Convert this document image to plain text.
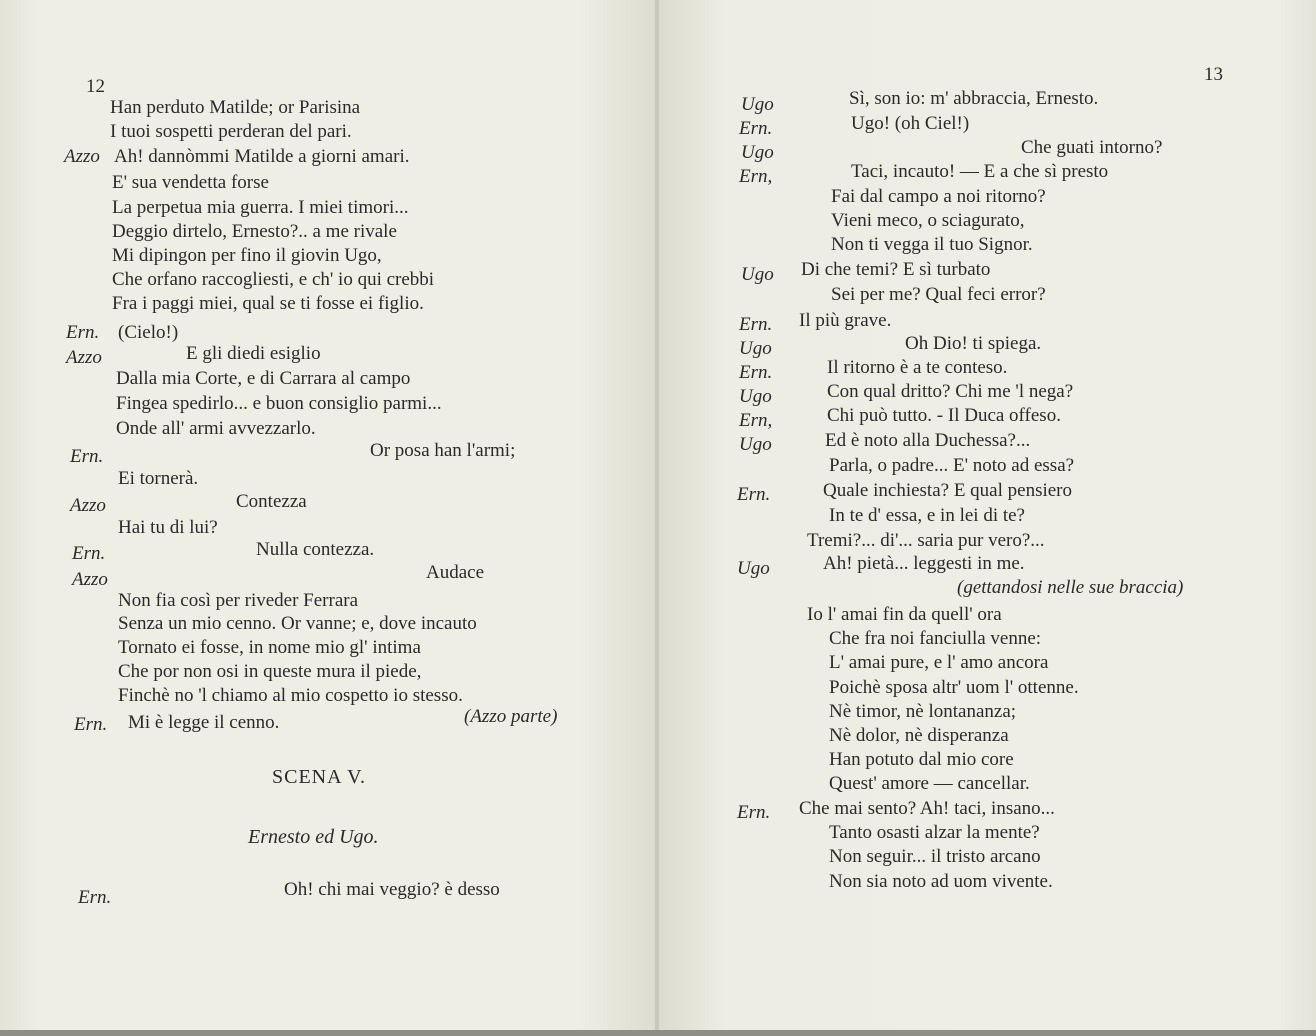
12
Han perduto Matilde; or Parisina
I tuoi sospetti perderan del pari.
Azzo Ah! dannòmmi Matilde a giorni amari.
E' sua vendetta forse
La perpetua mia guerra. I miei timori...
Deggio dirtelo, Ernesto?.. a me rivale
Mi dipingon per fino il giovin Ugo,
Che orfano raccogliesti, e ch' io qui crebbi
Fra i paggi miei, qual se ti fosse ei figlio.
Ern. (Cielo!)
Azzo	E gli diedi esiglio
Dalla mia Corte, e di Carrara al campo
Fingea spedirlo... e buon consiglio parmi...
Onde all' armi avvezzarlo.
Ern.	Or posa han l'armi;
Ei tornerà.
Azzo	Contezza
Hai tu di lui?
Ern.	Nulla contezza.
Azzo	Audace
Non fia così per riveder Ferrara
Senza un mio cenno. Or vanne; e, dove incauto
Tornato ei fosse, in nome mio gl' intima
Che por non osi in queste mura il piede,
Finchè no 'l chiamo al mio cospetto io stesso.
Ern. Mi è legge il cenno.	(Azzo parte)
SCENA V.
Ernesto ed Ugo.
Ern.	Oh! chi mai veggio? è desso
13
Ugo	Sì, son io: m' abbraccia, Ernesto.
Ern.	Ugo! (oh Ciel!)
Ugo	Che guati intorno?
Ern,	Taci, incauto! — E a che sì presto
Fai dal campo a noi ritorno?
Vieni meco, o sciagurato,
Non ti vegga il tuo Signor.
Ugo Di che temi? E sì turbato
Sei per me? Qual feci error?
Ern. Il più grave.
Ugo	Oh Dio! ti spiega.
Ern.	Il ritorno è a te conteso.
Ugo	Con qual dritto? Chi me 'l nega?
Ern,	Chi può tutto. - Il Duca offeso.
Ugo	Ed è noto alla Duchessa?...
Parla, o padre... E' noto ad essa?
Ern.	Quale inchiesta? E qual pensiero
In te d' essa, e in lei di te?
Tremi?... di'... saria pur vero?...
Ugo	Ah! pietà... leggesti in me.
(gettandosi nelle sue braccia)
Io l' amai fin da quell' ora
Che fra noi fanciulla venne:
L' amai pure, e l' amo ancora
Poichè sposa altr' uom l' ottenne.
Nè timor, nè lontananza;
Nè dolor, nè disperanza
Han potuto dal mio core
Quest' amore — cancellar.
Ern. Che mai sento? Ah! taci, insano...
Tanto osasti alzar la mente?
Non seguir... il tristo arcano
Non sia noto ad uom vivente.
